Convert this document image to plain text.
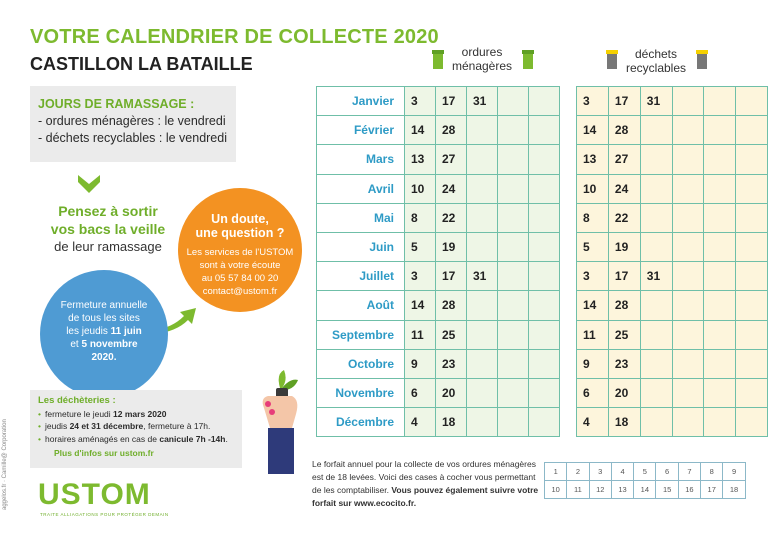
VOTRE CALENDRIER DE COLLECTE 2020
CASTILLON LA BATAILLE
JOURS DE RAMASSAGE :
- ordures ménagères : le vendredi
- déchets recyclables : le vendredi
Pensez à sortir
vos bacs la veille
de leur ramassage
Un doute,
une question ?
Les services de l'USTOM
sont à votre écoute
au 05 57 84 00 20
contact@ustom.fr
Fermeture annuelle
de tous les sites
les jeudis 11 juin
et 5 novembre
2020.
Les déchèteries :
• fermeture le jeudi 12 mars 2020
• jeudis 24 et 31 décembre, fermeture à 17h.
• horaires aménagés en cas de canicule 7h -14h.
Plus d'infos sur ustom.fr
USTOM
TRAITE ALLIAGATIONS POUR PROTÉGER DEMAIN
aggelos.fr · Camille@ Corporation
ordures
ménagères
déchets
recyclables
Janvier	3	17	31		
Février	14	28			
Mars	13	27			
Avril	10	24			
Mai	8	22			
Juin	5	19			
Juillet	3	17	31		
Août	14	28			
Septembre	11	25			
Octobre	9	23			
Novembre	6	20			
Décembre	4	18			
3	17	31			
14	28				
13	27				
10	24				
8	22				
5	19				
3	17	31			
14	28				
11	25				
9	23				
6	20				
4	18				
Le forfait annuel pour la collecte de vos ordures ménagères est de 18 levées. Voici des cases à cocher vous permettant de les comptabiliser. Vous pouvez également suivre votre forfait sur www.ecocito.fr.
1	2	3	4	5	6	7	8	9
10	11	12	13	14	15	16	17	18
